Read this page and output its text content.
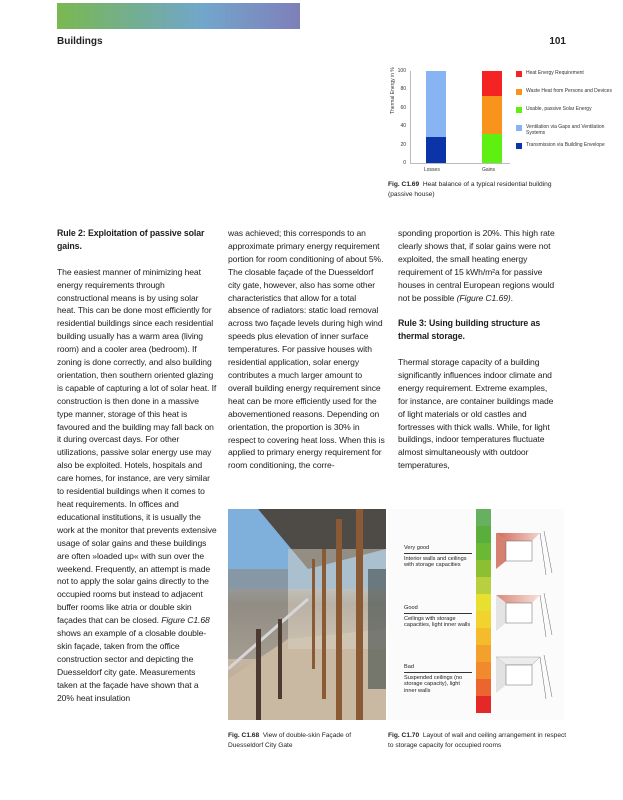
Buildings	101
Thermal Energy in %
0
20
40
60
80
100
Losses	Gains
Heat Energy Requirement
Waste Heat from Persons and Devices
Usable, passive Solar Energy
Ventilation via Gaps and Ventilation Systems
Transmission via Building Envelope
Fig. C1.69 Heat balance of a typical residential building (passive house)
Rule 2: Exploitation of passive solar gains.

The easiest manner of minimizing heat energy requirements through constructional means is by using solar heat. This can be done most efficiently for residential buildings since each residential building usually has a warm area (living room) and a cooler area (bedroom). If zoning is done correctly, and also building orientation, then southern oriented glazing is capable of capturing a lot of solar heat. If construction is then done in a massive type manner, storage of this heat is favoured and the building may fall back on it during overcast days. For other utilizations, passive solar energy use may also be exploited. Hotels, hospitals and care homes, for instance, are very similar to residential buildings when it comes to heat requirements. In offices and educational institutions, it is usually the work at the monitor that prevents extensive usage of solar gains and these buildings are often »loaded up« with sun over the weekend. Frequently, an attempt is made not to apply the solar gains directly to the occupied rooms but instead to adjacent buffer rooms like atria or double skin façades that can be closed. Figure C1.68 shows an example of a closable double-skin façade, taken from the office construction sector and depicting the Duesseldorf city gate. Measurements taken at the façade have shown that a 20% heat insulation

was achieved; this corresponds to an approximate primary energy requirement portion for room conditioning of about 5%. The closable façade of the Duesseldorf city gate, however, also has some other characteristics that allow for a total absence of radiators: static load removal across two façade levels during high wind speeds plus elevation of inner surface temperatures. For passive houses with residential application, solar energy contributes a much larger amount to overall building energy requirement since heat can be more efficiently used for the abovementioned reasons. Depending on orientation, the proportion is 30% in respect to covering heat loss. When this is applied to primary energy requirement for room conditioning, the corre-

sponding proportion is 20%. This high rate clearly shows that, if solar gains were not exploited, the small heating energy requirement of 15 kWh/m²a for passive houses in central European regions would not be possible (Figure C1.69).

Rule 3: Using building structure as thermal storage.

Thermal storage capacity of a building significantly influences indoor climate and energy requirement. Extreme examples, for instance, are container buildings made of light materials or old castles and fortresses with thick walls. While, for light buildings, indoor temperatures fluctuate almost simultaneously with outdoor temperatures,

Fig. C1.68 View of double-skin Façade of Duesseldorf City Gate
Very good
Interior walls and ceilings with storage capacities
Good
Ceilings with storage capacities, light inner walls
Bad
Suspended ceilings (no storage capacity), light inner walls
Fig. C1.70 Layout of wall and ceiling arrangement in respect to storage capacity for occupied rooms
